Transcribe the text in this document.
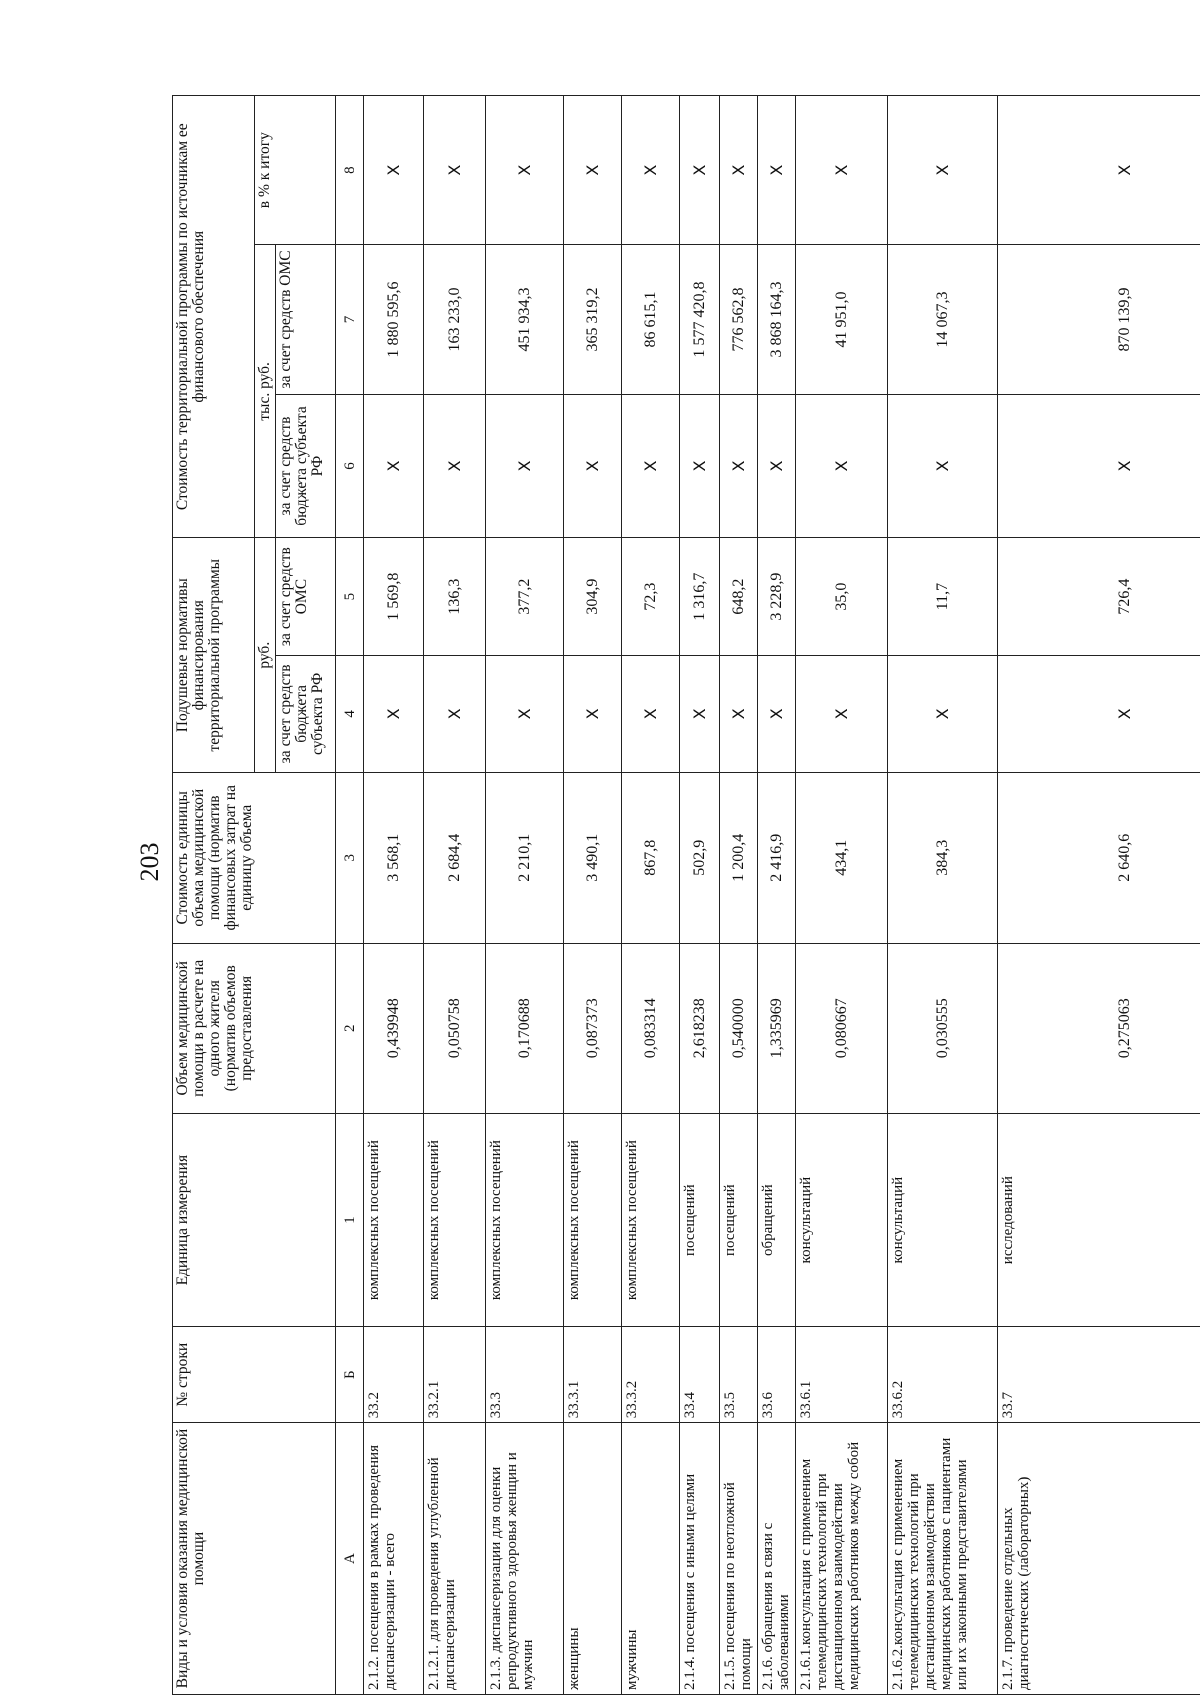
203
Виды и условия оказания медицинской помощи	№ строки	Единица измерения	Объем медицинской помощи в расчете на одного жителя (норматив объемов предоставления	Стоимость единицы объема медицинской помощи (норматив финансовых затрат на единицу объема	Подушевые нормативы финансирования территориальной программы		Стоимость территориальной программы по источникам ее финансового обеспечения		
					руб.		тыс. руб.		в % к итогу
					за счет средств бюджета субъекта РФ	за счет средств ОМС	за счет средств бюджета субъекта РФ	за счет средств ОМС	
А	Б	1	2	3	4	5	6	7	8
2.1.2. посещения в рамках проведения диспансеризации - всего	33.2	комплексных посещений	0,439948	3 568,1	X	1 569,8	X	1 880 595,6	X
2.1.2.1. для проведения углубленной диспансеризации	33.2.1	комплексных посещений	0,050758	2 684,4	X	136,3	X	163 233,0	X
2.1.3. диспансеризации для оценки репродуктивного здоровья женщин и мужчин	33.3	комплексных посещений	0,170688	2 210,1	X	377,2	X	451 934,3	X
женщины	33.3.1	комплексных посещений	0,087373	3 490,1	X	304,9	X	365 319,2	X
мужчины	33.3.2	комплексных посещений	0,083314	867,8	X	72,3	X	86 615,1	X
2.1.4. посещения с иными целями	33.4	посещений	2,618238	502,9	X	1 316,7	X	1 577 420,8	X
2.1.5. посещения по неотложной помощи	33.5	посещений	0,540000	1 200,4	X	648,2	X	776 562,8	X
2.1.6. обращения в связи с заболеваниями	33.6	обращений	1,335969	2 416,9	X	3 228,9	X	3 868 164,3	X
2.1.6.1.консультация с применением телемедицинских технологий при дистанционном взаимодействии медицинских работников между собой	33.6.1	консультаций	0,080667	434,1	X	35,0	X	41 951,0	X
2.1.6.2.консультация с применением телемедицинских технологий при дистанционном взаимодействии медицинских работников с пациентами или их законными представителями	33.6.2	консультаций	0,030555	384,3	X	11,7	X	14 067,3	X
2.1.7. проведение отдельных диагностических (лабораторных)	33.7	исследований	0,275063	2 640,6	X	726,4	X	870 139,9	X
